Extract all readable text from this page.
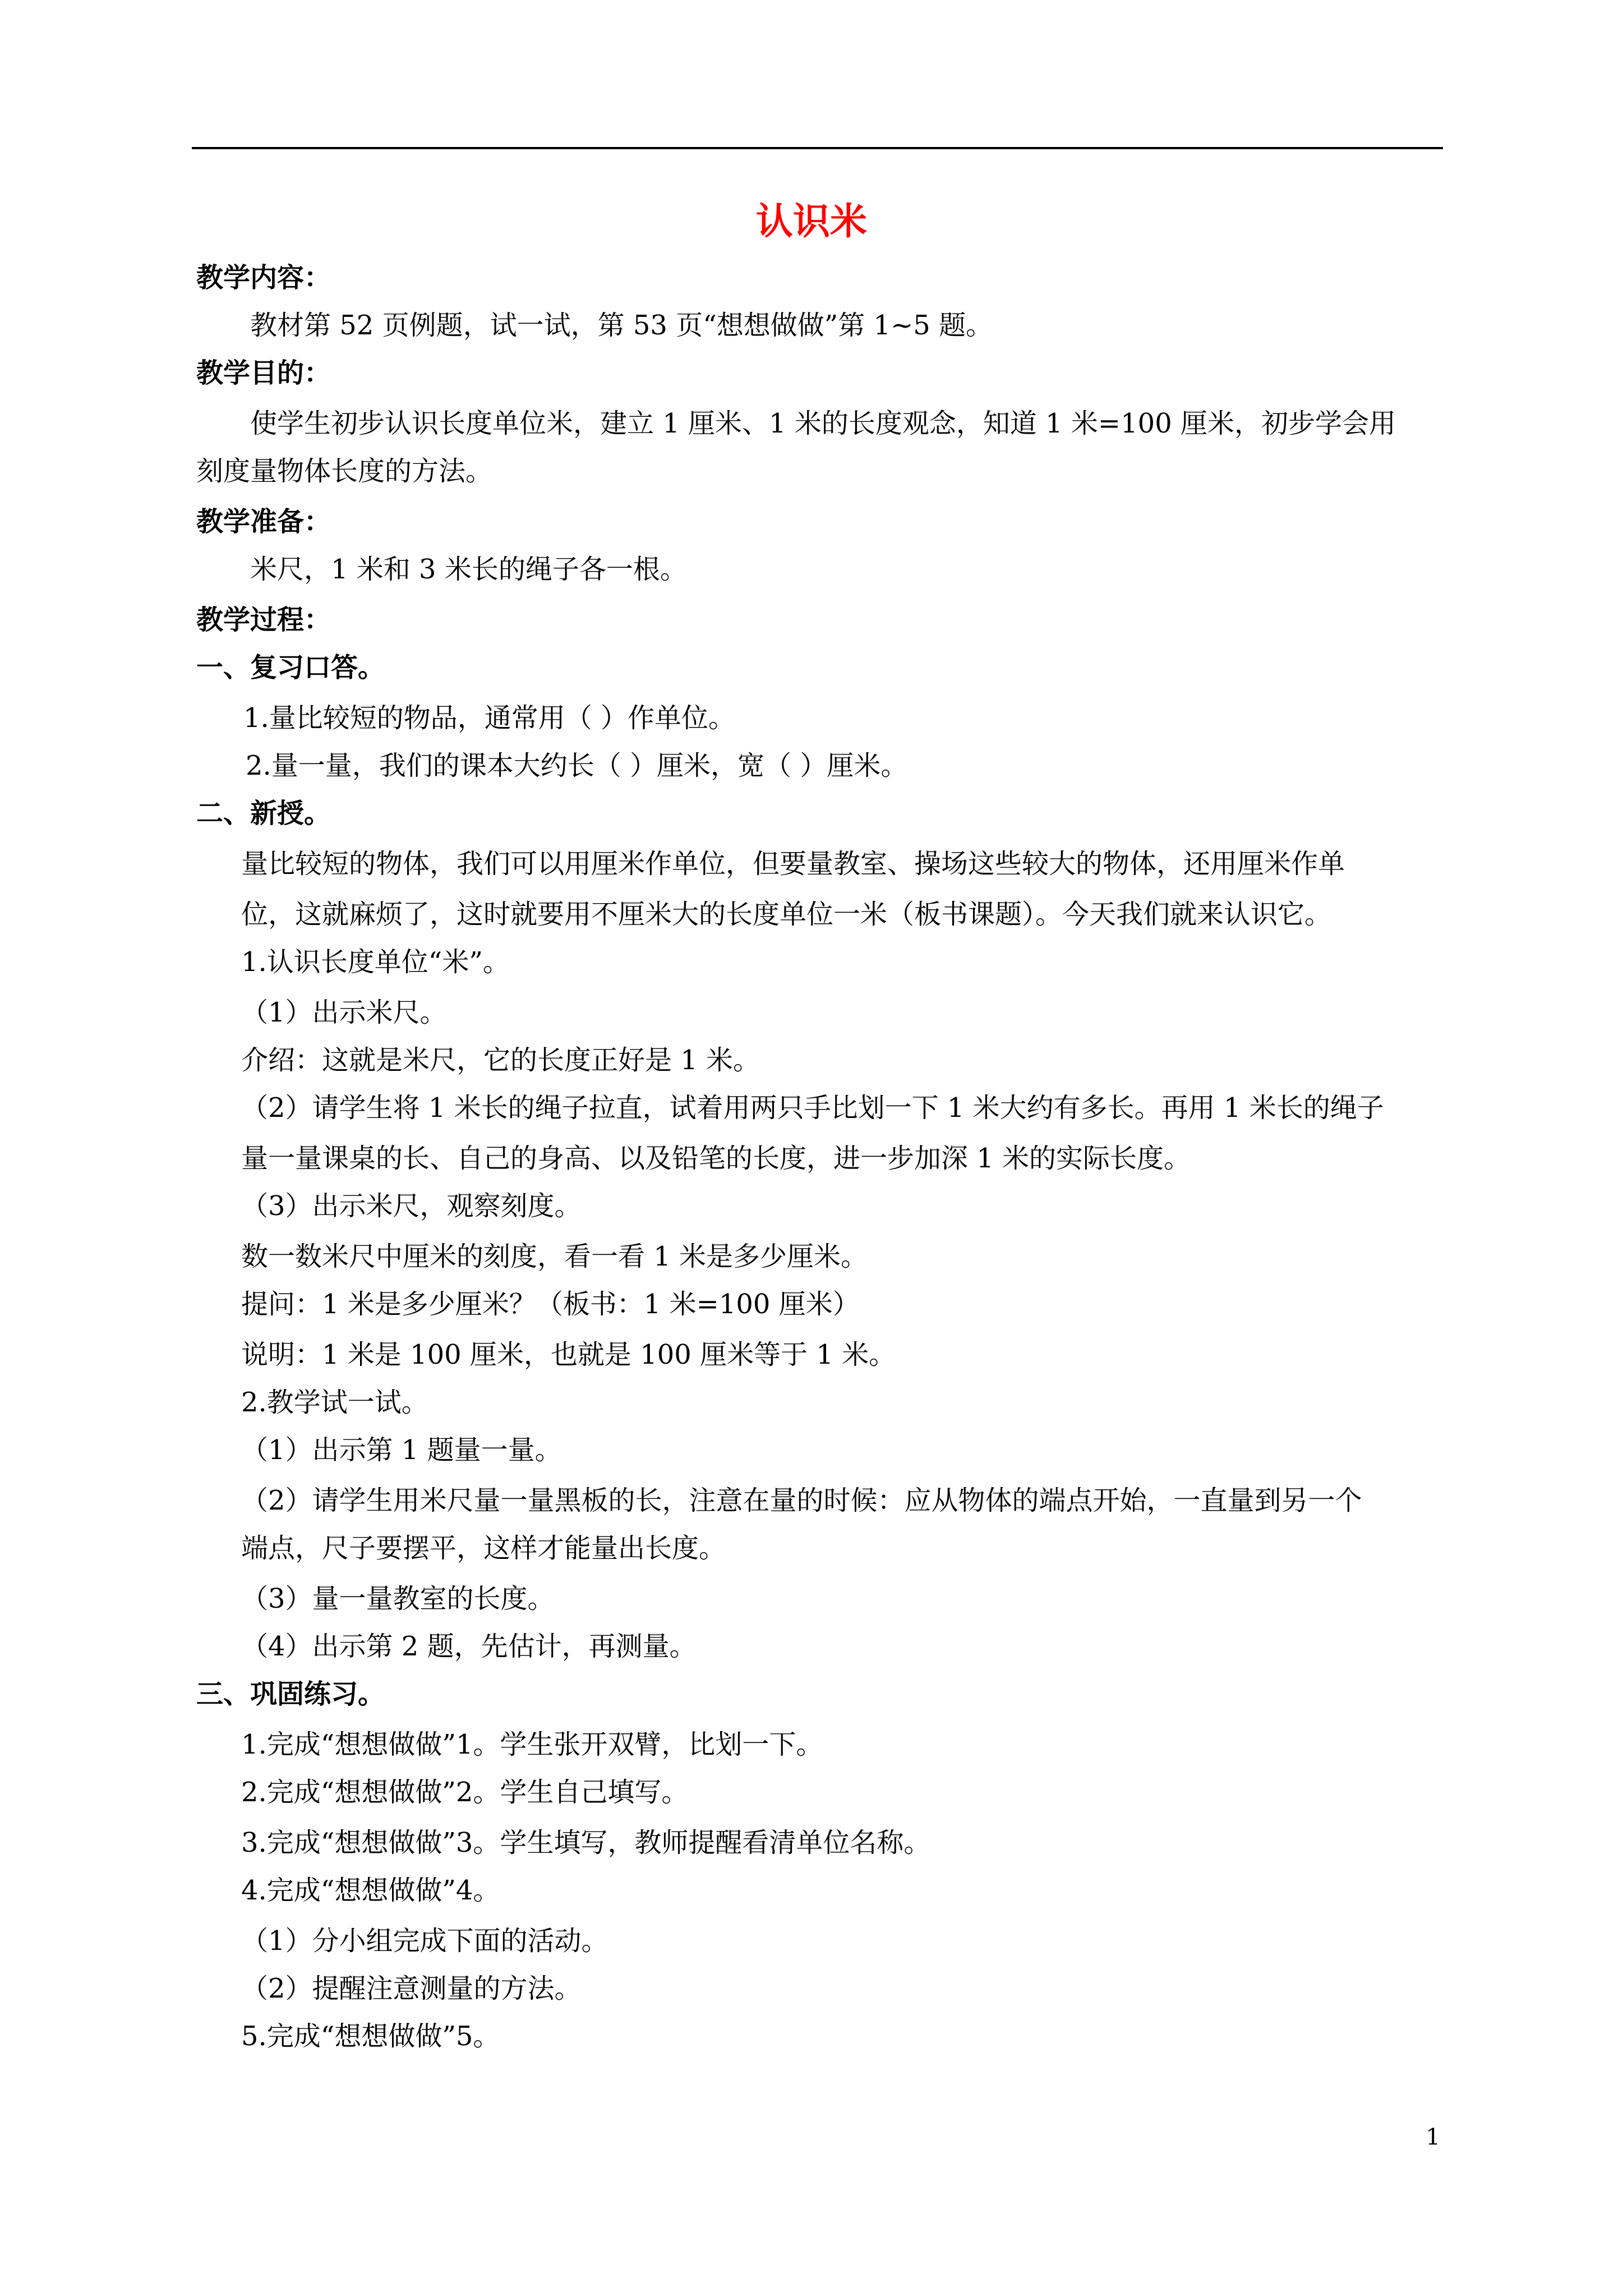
认识米
教学内容：
教材第 52 页例题，试一试，第 53 页“想想做做”第 1~5 题。
教学目的：
使学生初步认识长度单位米，建立 1 厘米、1 米的长度观念，知道 1 米=100 厘米，初步学会用
刻度量物体长度的方法。
教学准备：
米尺，1 米和 3 米长的绳子各一根。
教学过程：
一、复习口答。
1.量比较短的物品，通常用（ ）作单位。
2.量一量，我们的课本大约长（ ）厘米，宽（ ）厘米。
二、新授。
量比较短的物体，我们可以用厘米作单位，但要量教室、操场这些较大的物体，还用厘米作单
位，这就麻烦了，这时就要用不厘米大的长度单位一米（板书课题）。今天我们就来认识它。
1.认识长度单位“米”。
（1）出示米尺。
介绍：这就是米尺，它的长度正好是 1 米。
（2）请学生将 1 米长的绳子拉直，试着用两只手比划一下 1 米大约有多长。再用 1 米长的绳子
量一量课桌的长、自己的身高、以及铅笔的长度，进一步加深 1 米的实际长度。
（3）出示米尺，观察刻度。
数一数米尺中厘米的刻度，看一看 1 米是多少厘米。
提问：1 米是多少厘米？（板书：1 米=100 厘米）
说明：1 米是 100 厘米，也就是 100 厘米等于 1 米。
2.教学试一试。
（1）出示第 1 题量一量。
（2）请学生用米尺量一量黑板的长，注意在量的时候：应从物体的端点开始，一直量到另一个
端点，尺子要摆平，这样才能量出长度。
（3）量一量教室的长度。
（4）出示第 2 题，先估计，再测量。
三、巩固练习。
1.完成“想想做做”1。学生张开双臂，比划一下。
2.完成“想想做做”2。学生自己填写。
3.完成“想想做做”3。学生填写，教师提醒看清单位名称。
4.完成“想想做做”4。
（1）分小组完成下面的活动。
（2）提醒注意测量的方法。
5.完成“想想做做”5。
1
